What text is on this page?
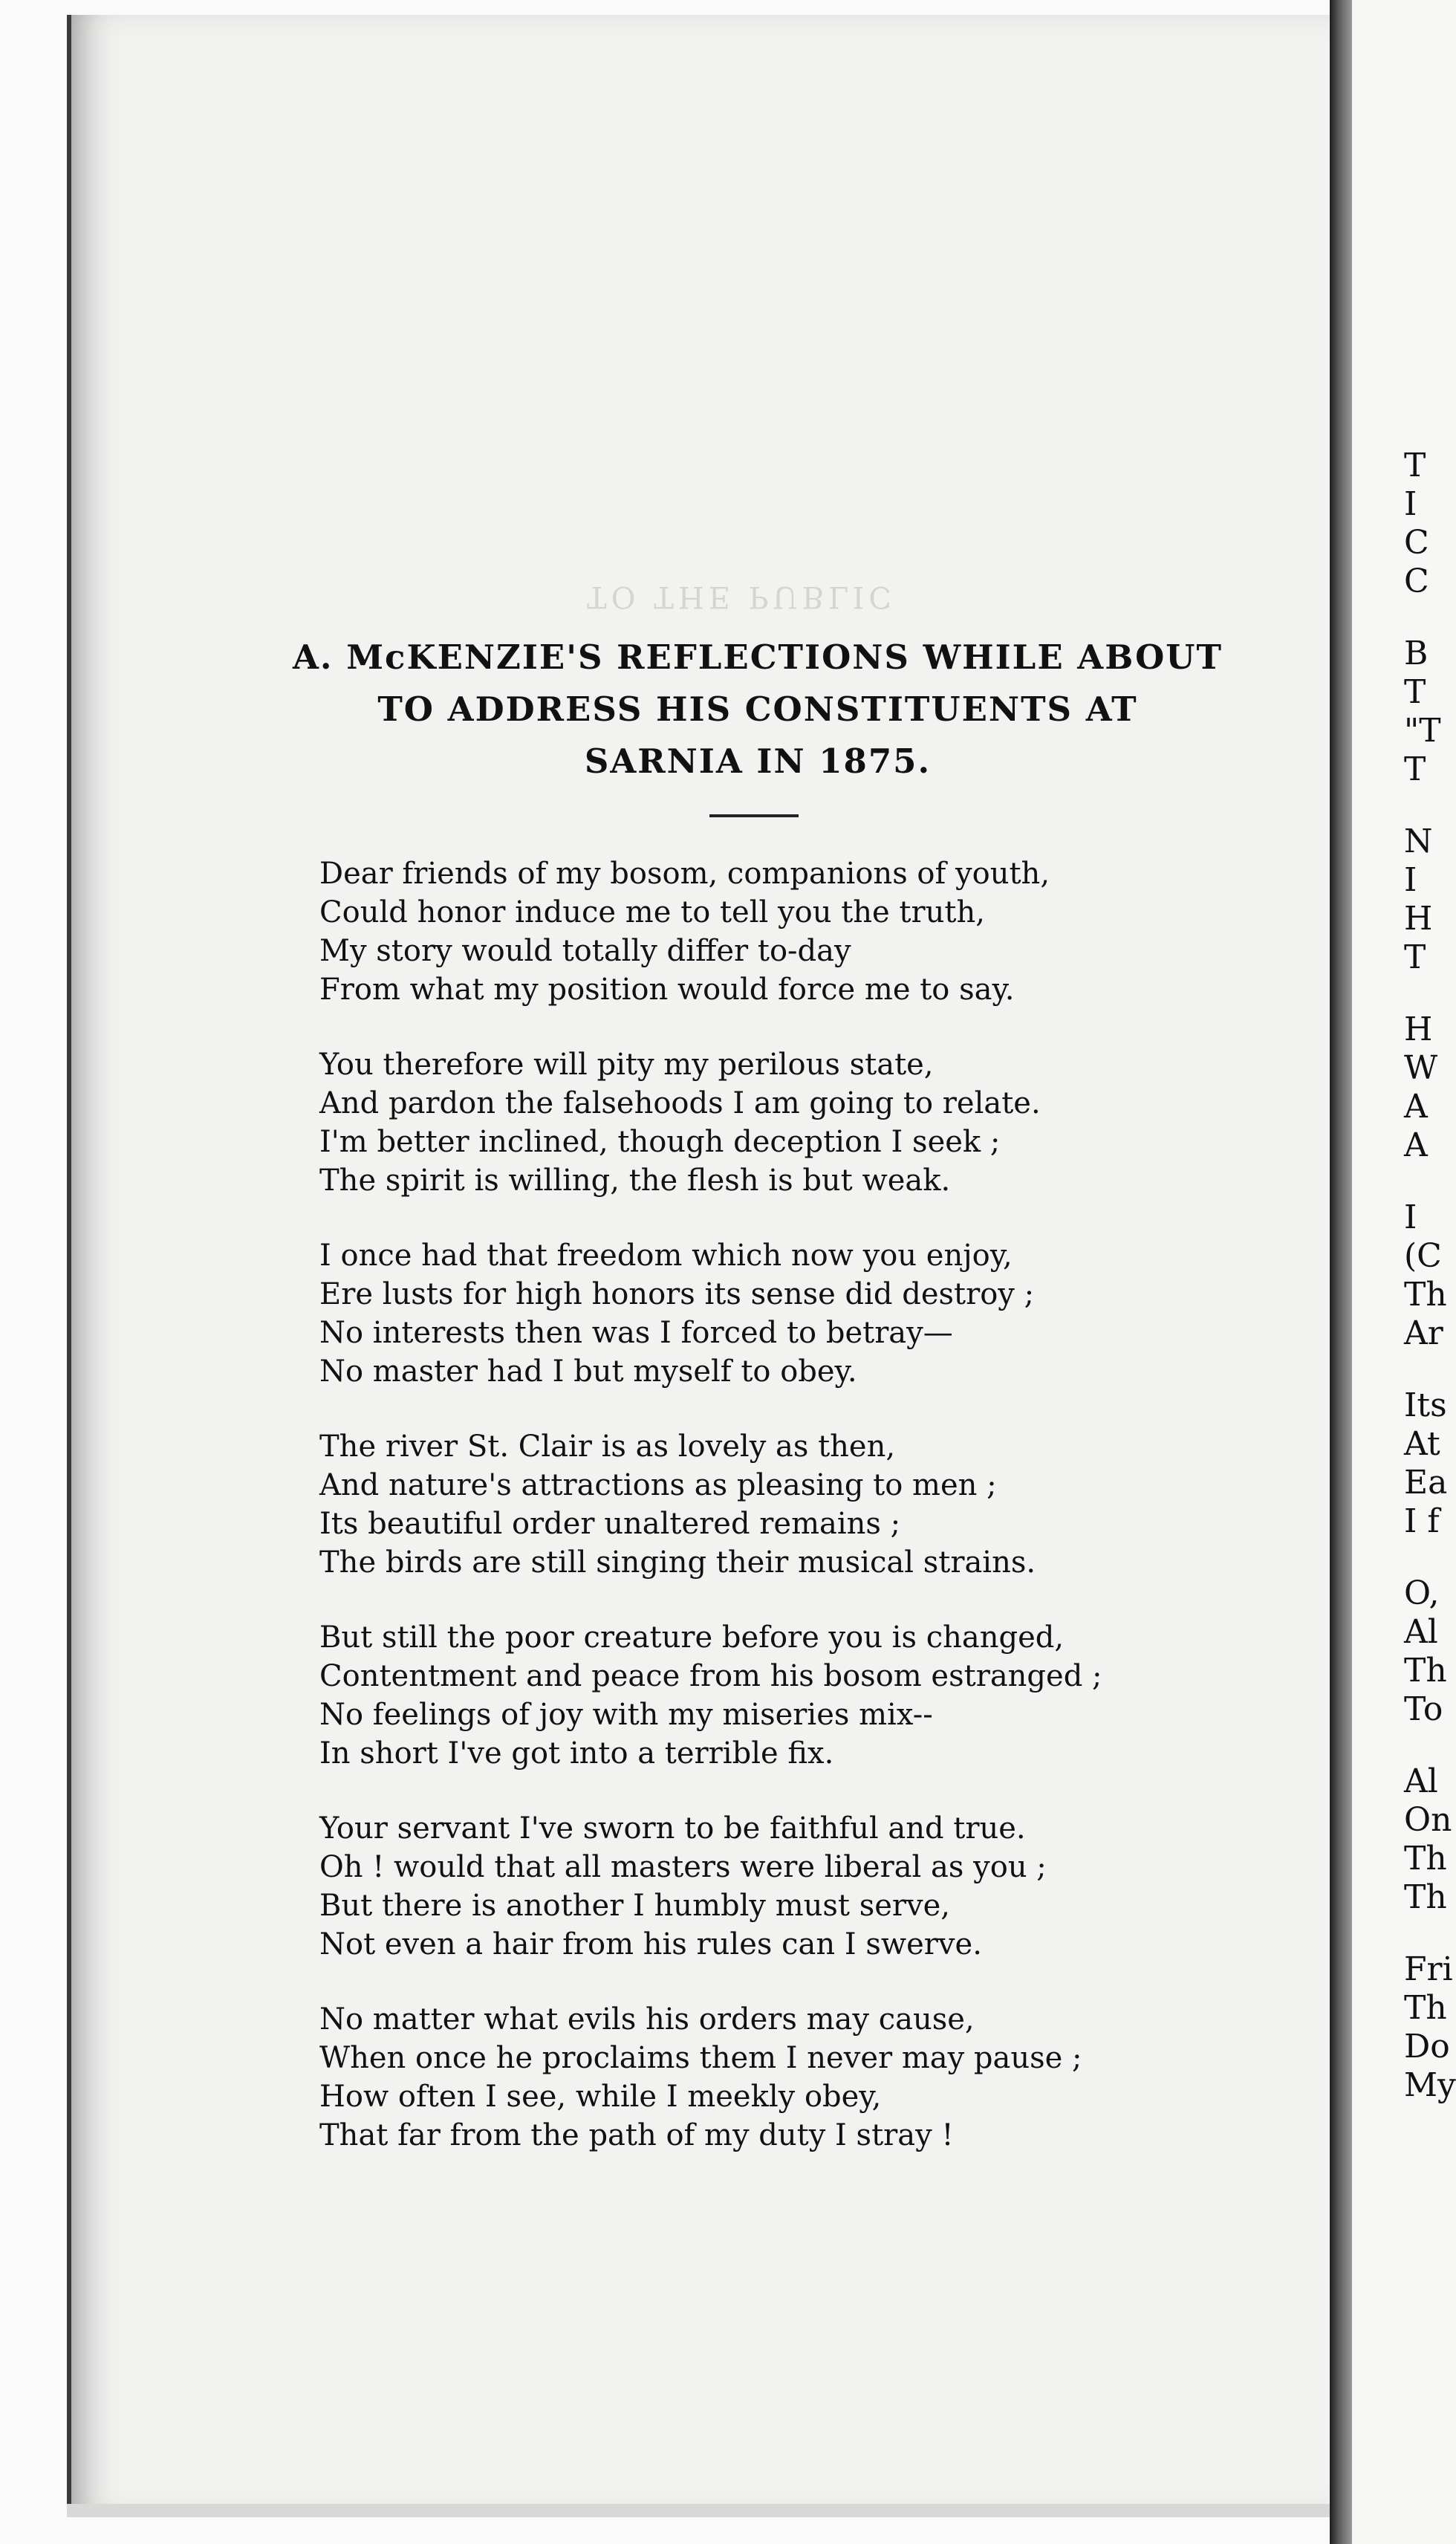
TO THE PUBLIC
A. McKENZIE'S REFLECTIONS WHILE ABOUT
TO ADDRESS HIS CONSTITUENTS AT
SARNIA IN 1875.
Dear friends of my bosom, companions of youth,
Could honor induce me to tell you the truth,
My story would totally differ to-day
From what my position would force me to say.
You therefore will pity my perilous state,
And pardon the falsehoods I am going to relate.
I'm better inclined, though deception I seek ;
The spirit is willing, the flesh is but weak.
I once had that freedom which now you enjoy,
Ere lusts for high honors its sense did destroy ;
No interests then was I forced to betray—
No master had I but myself to obey.
The river St. Clair is as lovely as then,
And nature's attractions as pleasing to men ;
Its beautiful order unaltered remains ;
The birds are still singing their musical strains.
But still the poor creature before you is changed,
Contentment and peace from his bosom estranged ;
No feelings of joy with my miseries mix--
In short I've got into a terrible fix.
Your servant I've sworn to be faithful and true.
Oh ! would that all masters were liberal as you ;
But there is another I humbly must serve,
Not even a hair from his rules can I swerve.
No matter what evils his orders may cause,
When once he proclaims them I never may pause ;
How often I see, while I meekly obey,
That far from the path of my duty I stray !
T
I
C
C
B
T
"T
T
N
I
H
T
H
W
A
A
I
(C
Th
Ar
Its
At
Ea
I f
O,
Al
Th
To
Al
On
Th
Th
Fri
Th
Do
My
